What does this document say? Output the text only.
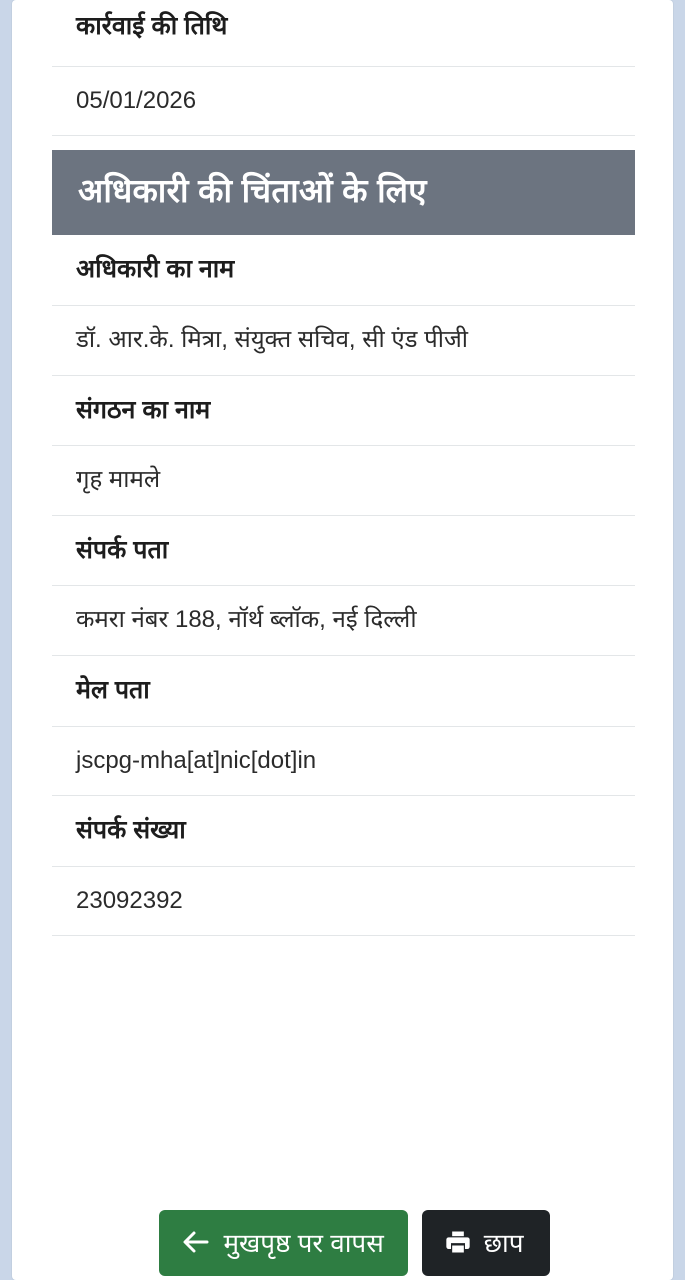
कार्रवाई की तिथि
05/01/2026
अधिकारी की चिंताओं के लिए
अधिकारी का नाम
डॉ. आर.के. मित्रा, संयुक्त सचिव, सी एंड पीजी
संगठन का नाम
गृह मामले
संपर्क पता
कमरा नंबर 188, नॉर्थ ब्लॉक, नई दिल्ली
मेल पता
jscpg-mha[at]nic[dot]in
संपर्क संख्या
23092392
मुखपृष्ठ पर वापस	छाप
